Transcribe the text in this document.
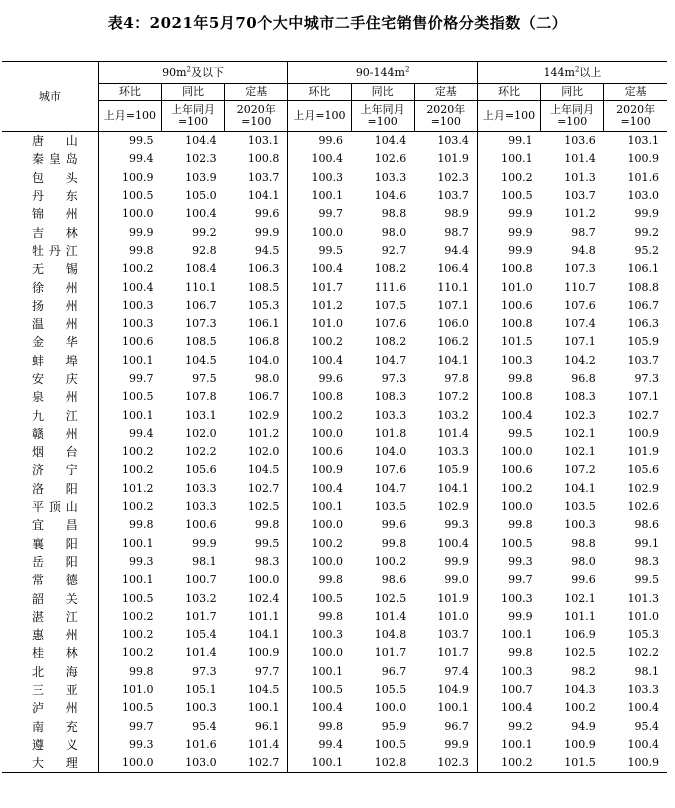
表4：2021年5月70个大中城市二手住宅销售价格分类指数（二）
城市	$90m^2$及以下			$90-144m^2$			$144m^2$以上		
	环比	同比	定基	环比	同比	定基	环比	同比	定基
	上月=100	上年同月=100	2020年=100	上月=100	上年同月=100	2020年=100	上月=100	上年同月=100	2020年=100
唐山	99.5	104.4	103.1	99.6	104.4	103.4	99.1	103.6	103.1
秦皇岛	99.4	102.3	100.8	100.4	102.6	101.9	100.1	101.4	100.9
包头	100.9	103.9	103.7	100.3	103.3	102.3	100.2	101.3	101.6
丹东	100.5	105.0	104.1	100.1	104.6	103.7	100.5	103.7	103.0
锦州	100.0	100.4	99.6	99.7	98.8	98.9	99.9	101.2	99.9
吉林	99.9	99.2	99.9	100.0	98.0	98.7	99.9	98.7	99.2
牡丹江	99.8	92.8	94.5	99.5	92.7	94.4	99.9	94.8	95.2
无锡	100.2	108.4	106.3	100.4	108.2	106.4	100.8	107.3	106.1
徐州	100.4	110.1	108.5	101.7	111.6	110.1	101.0	110.7	108.8
扬州	100.3	106.7	105.3	101.2	107.5	107.1	100.6	107.6	106.7
温州	100.3	107.3	106.1	101.0	107.6	106.0	100.8	107.4	106.3
金华	100.6	108.5	106.8	100.2	108.2	106.2	101.5	107.1	105.9
蚌埠	100.1	104.5	104.0	100.4	104.7	104.1	100.3	104.2	103.7
安庆	99.7	97.5	98.0	99.6	97.3	97.8	99.8	96.8	97.3
泉州	100.5	107.8	106.7	100.8	108.3	107.2	100.8	108.3	107.1
九江	100.1	103.1	102.9	100.2	103.3	103.2	100.4	102.3	102.7
赣州	99.4	102.0	101.2	100.0	101.8	101.4	99.5	102.1	100.9
烟台	100.2	102.2	102.0	100.6	104.0	103.3	100.0	102.1	101.9
济宁	100.2	105.6	104.5	100.9	107.6	105.9	100.6	107.2	105.6
洛阳	101.2	103.3	102.7	100.4	104.7	104.1	100.2	104.1	102.9
平顶山	100.2	103.3	102.5	100.1	103.5	102.9	100.0	103.5	102.6
宜昌	99.8	100.6	99.8	100.0	99.6	99.3	99.8	100.3	98.6
襄阳	100.1	99.9	99.5	100.2	99.8	100.4	100.5	98.8	99.1
岳阳	99.3	98.1	98.3	100.0	100.2	99.9	99.3	98.0	98.3
常德	100.1	100.7	100.0	99.8	98.6	99.0	99.7	99.6	99.5
韶关	100.5	103.2	102.4	100.5	102.5	101.9	100.3	102.1	101.3
湛江	100.2	101.7	101.1	99.8	101.4	101.0	99.9	101.1	101.0
惠州	100.2	105.4	104.1	100.3	104.8	103.7	100.1	106.9	105.3
桂林	100.2	101.4	100.9	100.0	101.7	101.7	99.8	102.5	102.2
北海	99.8	97.3	97.7	100.1	96.7	97.4	100.3	98.2	98.1
三亚	101.0	105.1	104.5	100.5	105.5	104.9	100.7	104.3	103.3
泸州	100.5	100.3	100.1	100.4	100.0	100.1	100.4	100.2	100.4
南充	99.7	95.4	96.1	99.8	95.9	96.7	99.2	94.9	95.4
遵义	99.3	101.6	101.4	99.4	100.5	99.9	100.1	100.9	100.4
大理	100.0	103.0	102.7	100.1	102.8	102.3	100.2	101.5	100.9
